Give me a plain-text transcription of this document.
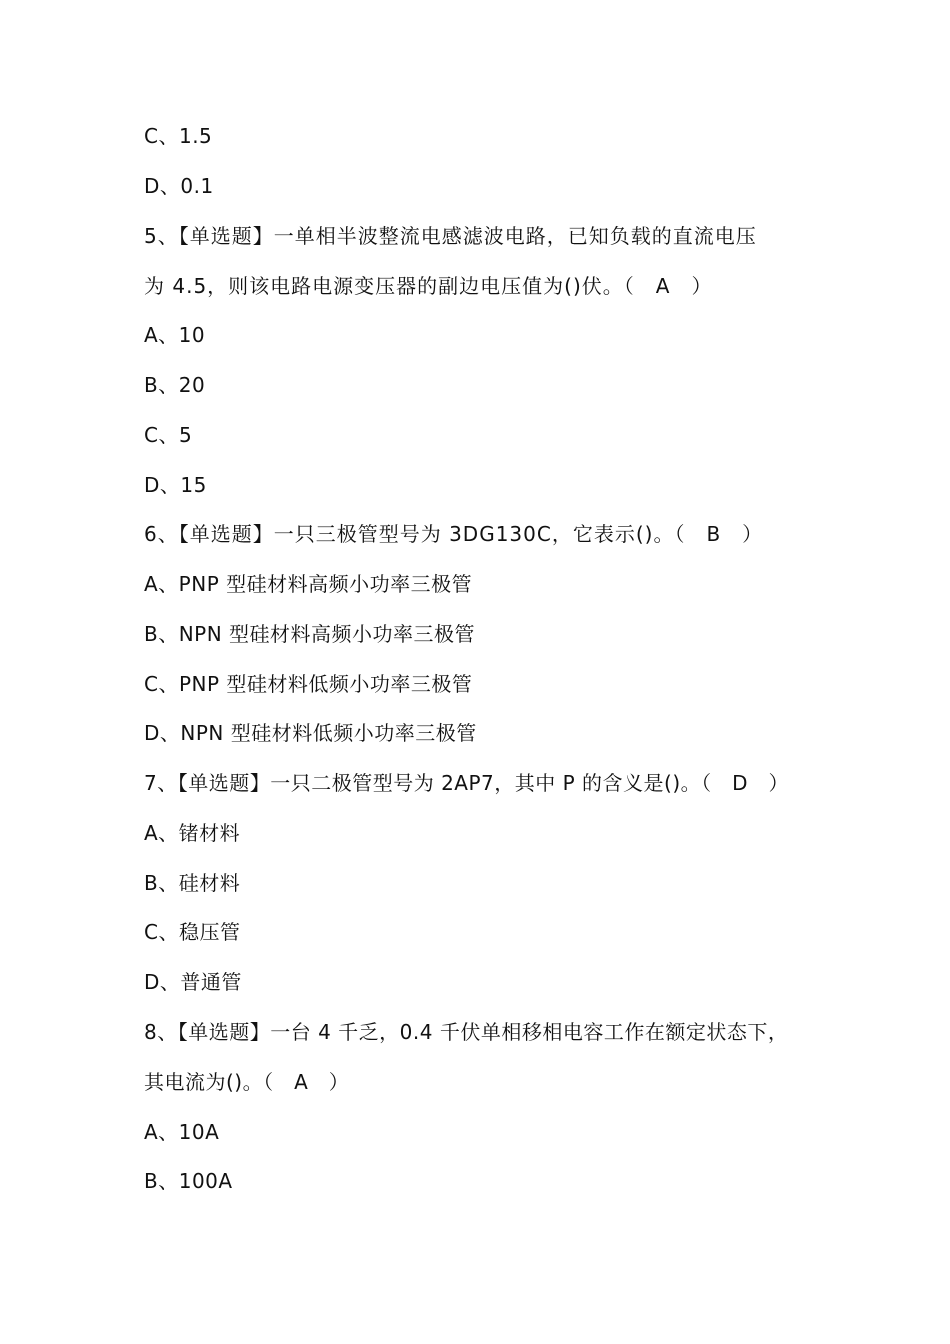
C、1.5
D、0.1
5、【单选题】一单相半波整流电感滤波电路，已知负载的直流电压
为 4.5，则该电路电源变压器的副边电压值为()伏。（　A　）
A、10
B、20
C、5
D、15
6、【单选题】一只三极管型号为 3DG130C，它表示()。（　B　）
A、PNP 型硅材料高频小功率三极管
B、NPN 型硅材料高频小功率三极管
C、PNP 型硅材料低频小功率三极管
D、NPN 型硅材料低频小功率三极管
7、【单选题】一只二极管型号为 2AP7，其中 P 的含义是()。（　D　）
A、锗材料
B、硅材料
C、稳压管
D、普通管
8、【单选题】一台 4 千乏，0.4 千伏单相移相电容工作在额定状态下，
其电流为()。（　A　）
A、10A
B、100A
